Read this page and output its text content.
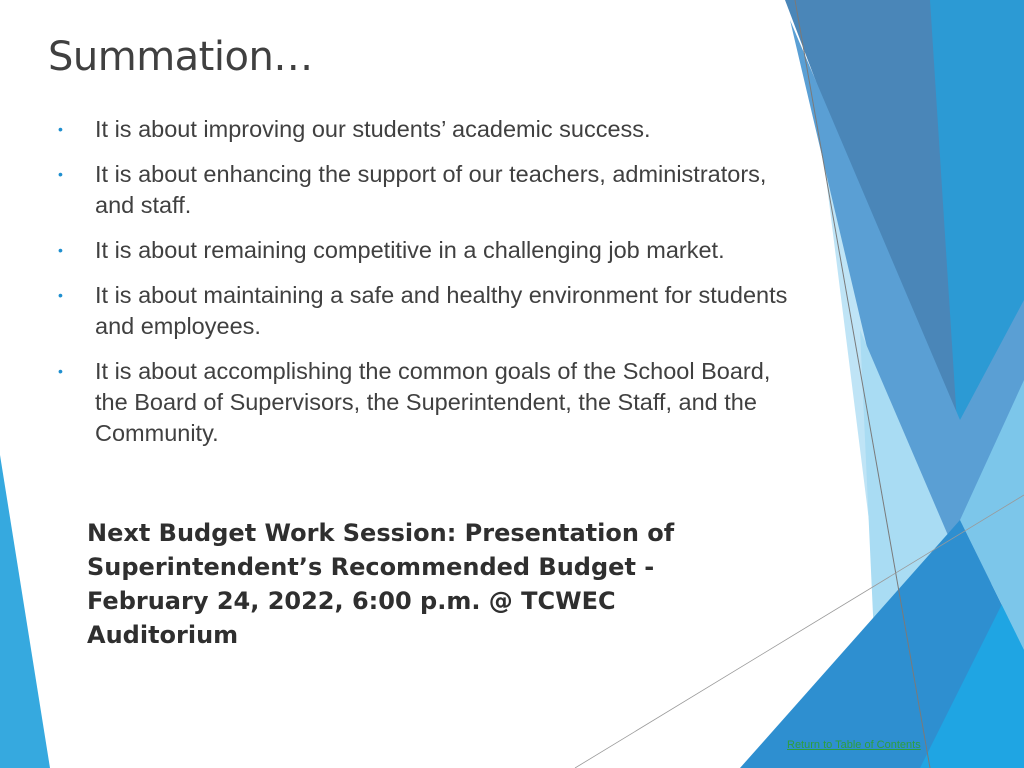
Summation…
• It is about improving our students’ academic success.
• It is about enhancing the support of our teachers, administrators, and staff.
• It is about remaining competitive in a challenging job market.
• It is about maintaining a safe and healthy environment for students and employees.
• It is about accomplishing the common goals of the School Board, the Board of Supervisors, the Superintendent, the Staff, and the Community.

Next Budget Work Session: Presentation of Superintendent’s Recommended Budget - February 24, 2022, 6:00 p.m. @ TCWEC Auditorium

Return to Table of Contents
